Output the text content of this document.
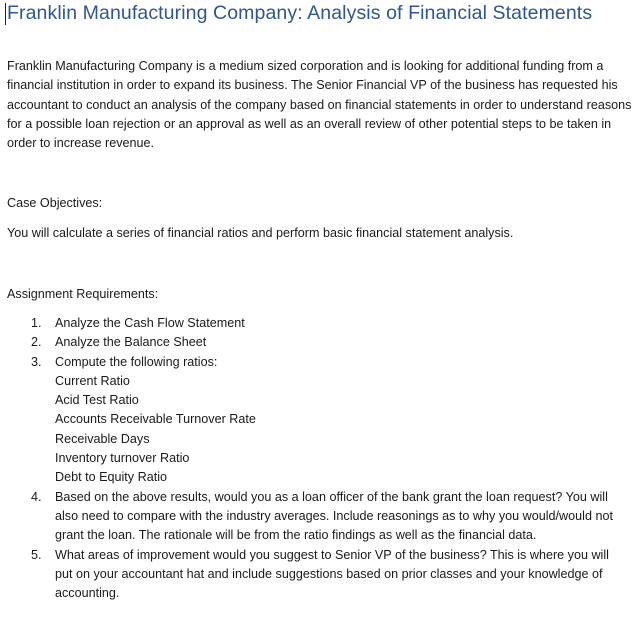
Franklin Manufacturing Company: Analysis of Financial Statements

Franklin Manufacturing Company is a medium sized corporation and is looking for additional funding from a financial institution in order to expand its business. The Senior Financial VP of the business has requested his accountant to conduct an analysis of the company based on financial statements in order to understand reasons for a possible loan rejection or an approval as well as an overall review of other potential steps to be taken in order to increase revenue.

Case Objectives:

You will calculate a series of financial ratios and perform basic financial statement analysis.

Assignment Requirements:

1. Analyze the Cash Flow Statement
2. Analyze the Balance Sheet
3. Compute the following ratios:
Current Ratio
Acid Test Ratio
Accounts Receivable Turnover Rate
Receivable Days
Inventory turnover Ratio
Debt to Equity Ratio
4. Based on the above results, would you as a loan officer of the bank grant the loan request? You will also need to compare with the industry averages. Include reasonings as to why you would/would not grant the loan. The rationale will be from the ratio findings as well as the financial data.
5. What areas of improvement would you suggest to Senior VP of the business? This is where you will put on your accountant hat and include suggestions based on prior classes and your knowledge of accounting.
